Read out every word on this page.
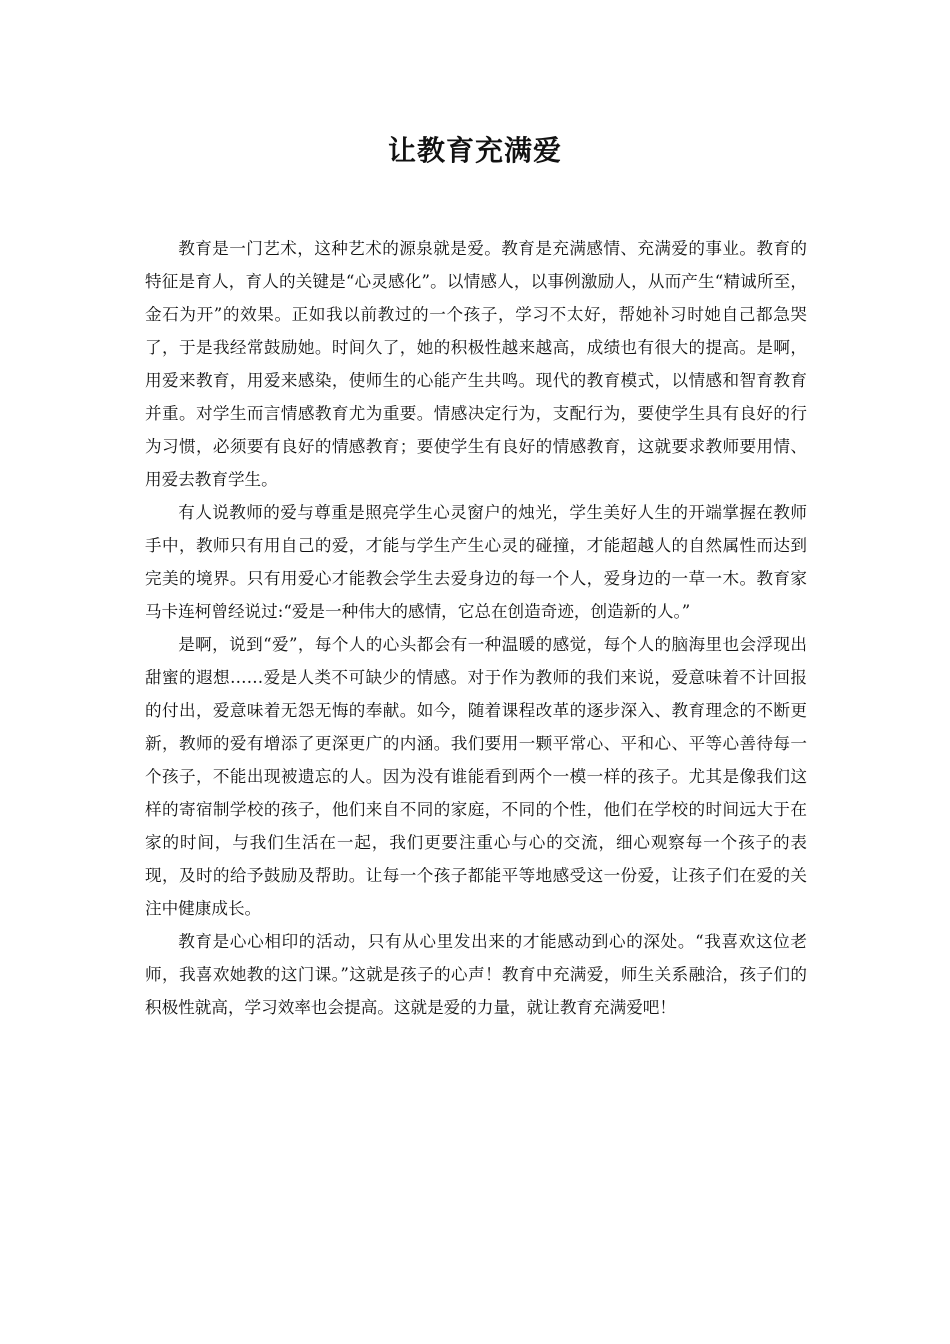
让教育充满爱

教育是一门艺术，这种艺术的源泉就是爱。教育是充满感情、充满爱的事业。教育的特征是育人，育人的关键是“心灵感化”。以情感人，以事例激励人，从而产生“精诚所至，金石为开”的效果。正如我以前教过的一个孩子，学习不太好，帮她补习时她自己都急哭了，于是我经常鼓励她。时间久了，她的积极性越来越高，成绩也有很大的提高。是啊，用爱来教育，用爱来感染，使师生的心能产生共鸣。现代的教育模式，以情感和智育教育并重。对学生而言情感教育尤为重要。情感决定行为，支配行为，要使学生具有良好的行为习惯，必须要有良好的情感教育；要使学生有良好的情感教育，这就要求教师要用情、用爱去教育学生。

有人说教师的爱与尊重是照亮学生心灵窗户的烛光，学生美好人生的开端掌握在教师手中，教师只有用自己的爱，才能与学生产生心灵的碰撞，才能超越人的自然属性而达到完美的境界。只有用爱心才能教会学生去爱身边的每一个人，爱身边的一草一木。教育家马卡连柯曾经说过:“爱是一种伟大的感情，它总在创造奇迹，创造新的人。”

是啊，说到“爱”，每个人的心头都会有一种温暖的感觉，每个人的脑海里也会浮现出甜蜜的遐想……爱是人类不可缺少的情感。对于作为教师的我们来说，爱意味着不计回报的付出，爱意味着无怨无悔的奉献。如今，随着课程改革的逐步深入、教育理念的不断更新，教师的爱有增添了更深更广的内涵。我们要用一颗平常心、平和心、平等心善待每一个孩子，不能出现被遗忘的人。因为没有谁能看到两个一模一样的孩子。尤其是像我们这样的寄宿制学校的孩子，他们来自不同的家庭，不同的个性，他们在学校的时间远大于在家的时间，与我们生活在一起，我们更要注重心与心的交流，细心观察每一个孩子的表现，及时的给予鼓励及帮助。让每一个孩子都能平等地感受这一份爱，让孩子们在爱的关注中健康成长。

教育是心心相印的活动，只有从心里发出来的才能感动到心的深处。“我喜欢这位老师，我喜欢她教的这门课。”这就是孩子的心声！教育中充满爱，师生关系融洽，孩子们的积极性就高，学习效率也会提高。这就是爱的力量，就让教育充满爱吧！
